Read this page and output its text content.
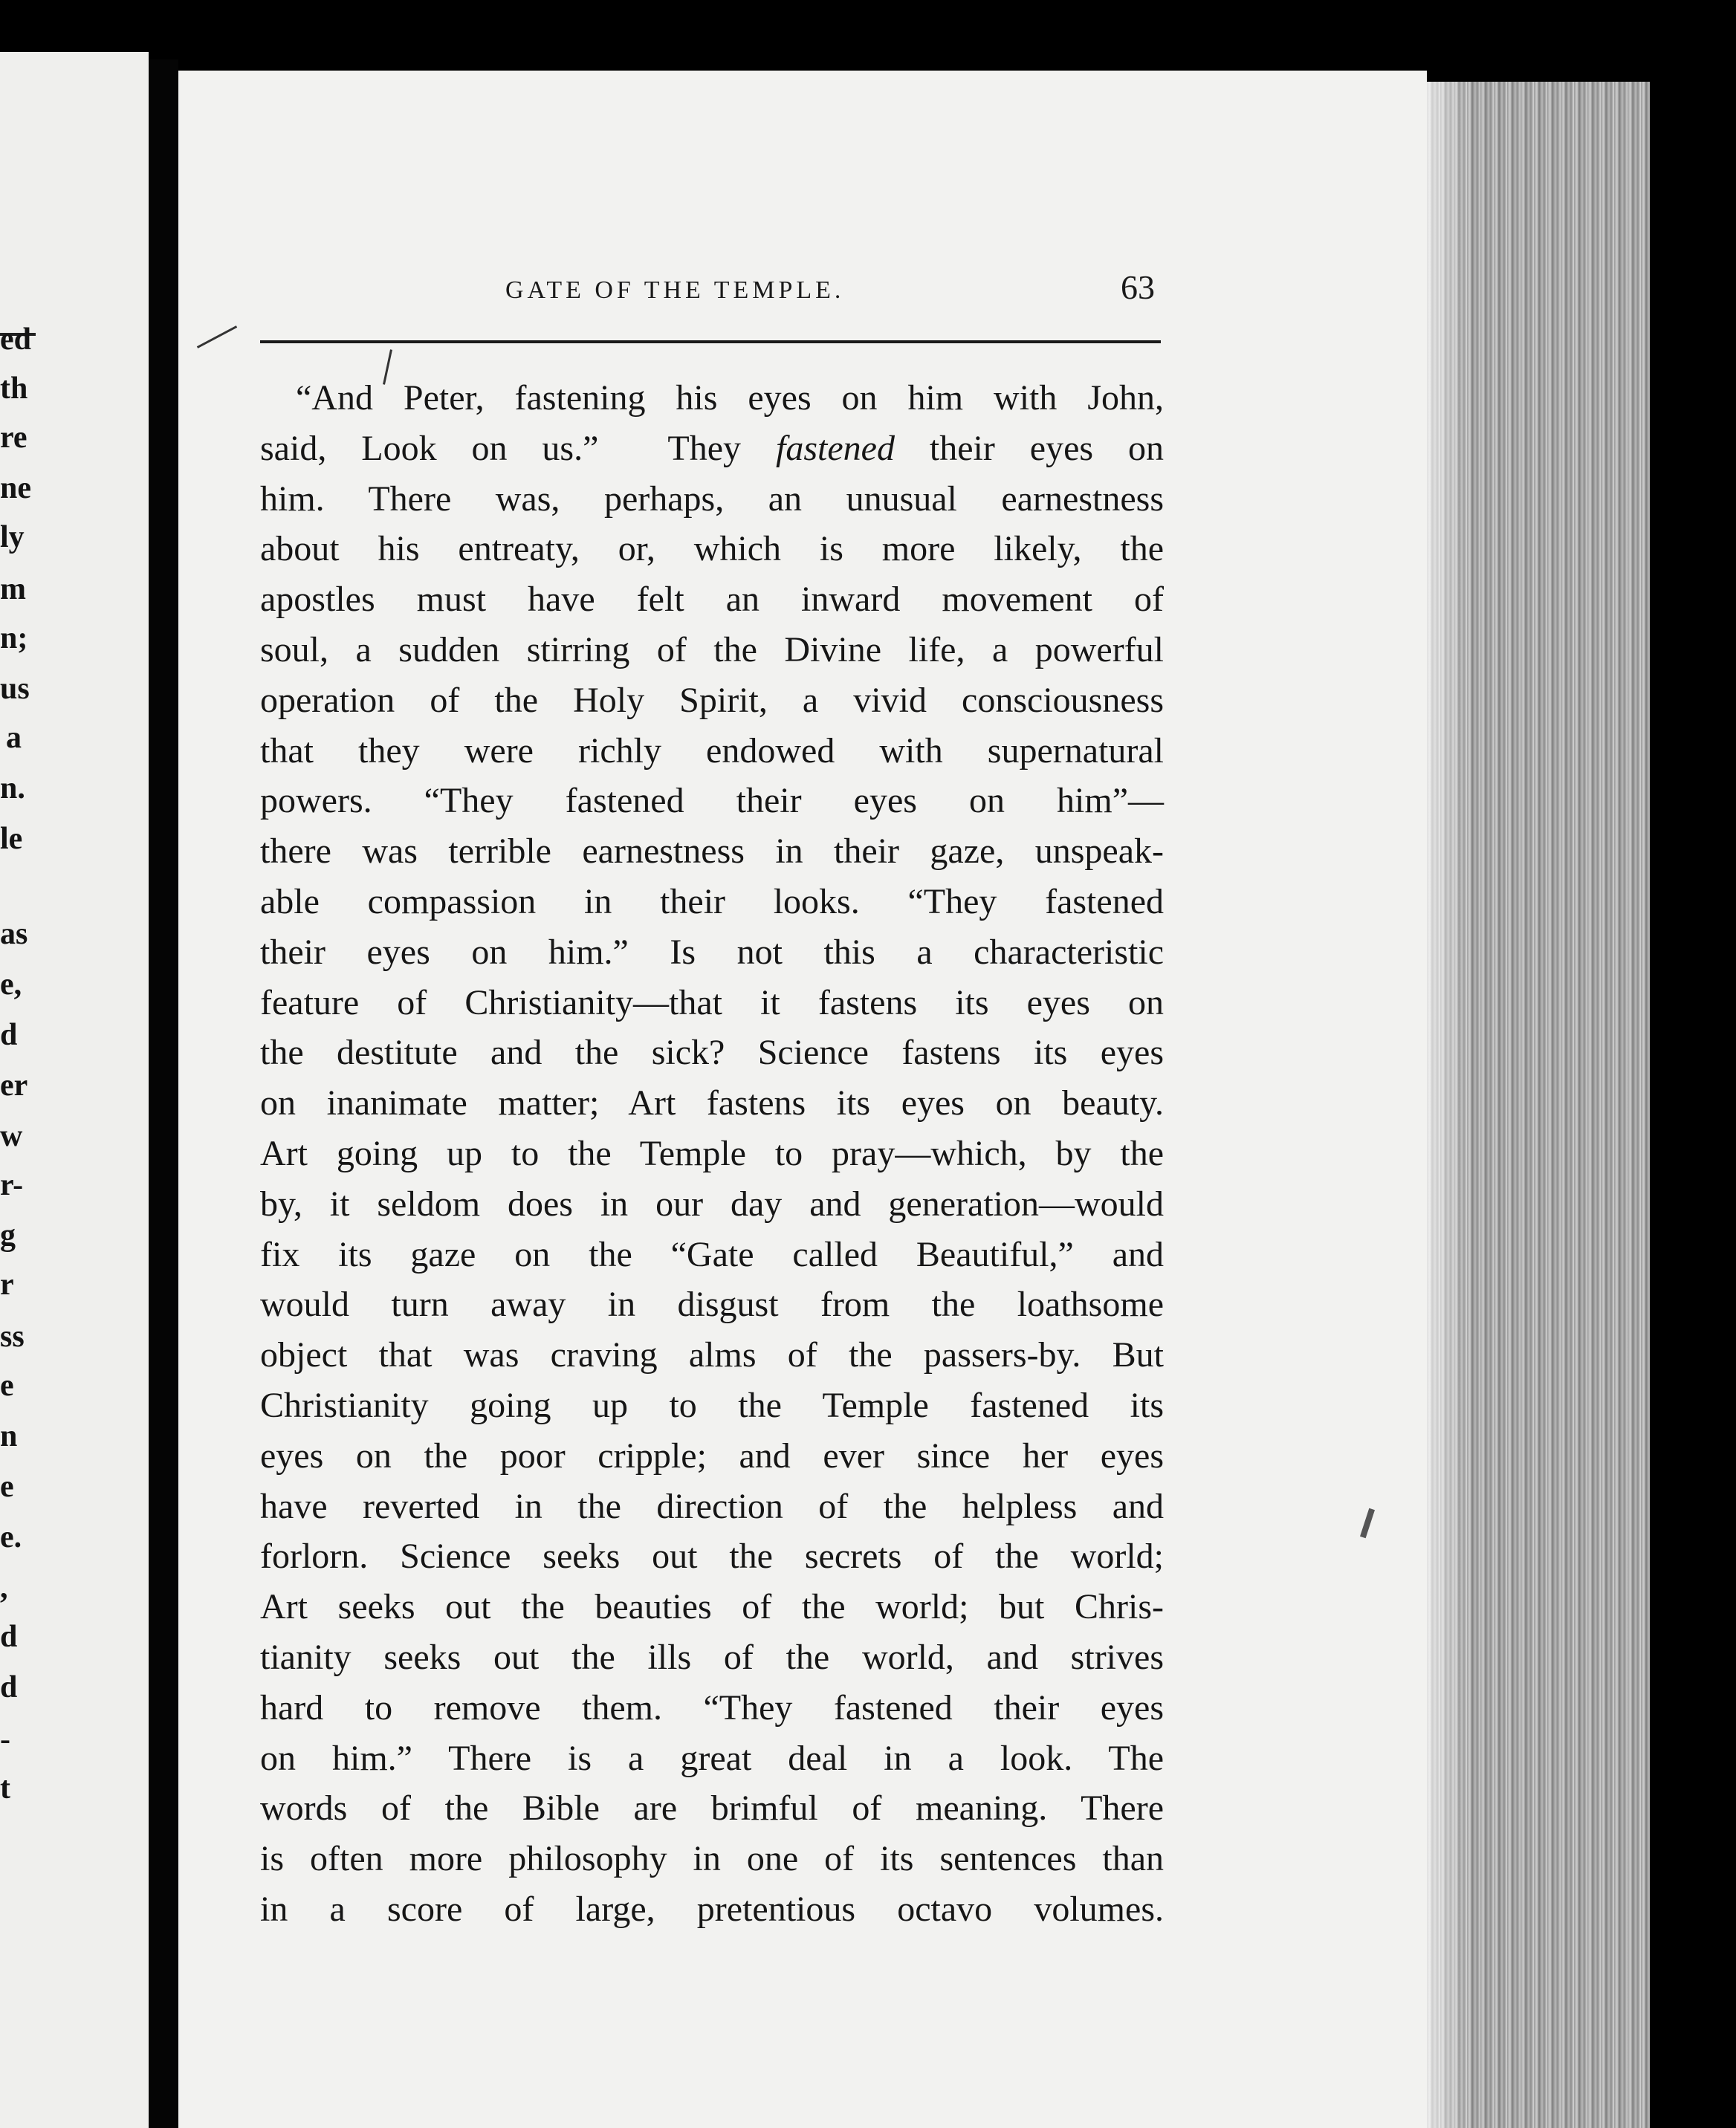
ed
th
re
ne
ly
m
n;
us
a
n.
le
as
e,
d
er
w
r-
g
r
ss
e
n
e
e.
,
d
d
-
t
GATE OF THE TEMPLE.	63
“And Peter, fastening his eyes on him with John,
said, Look on us.”  They fastened their eyes on
him. There was, perhaps, an unusual earnestness
about his entreaty, or, which is more likely, the
apostles must have felt an inward movement of
soul, a sudden stirring of the Divine life, a powerful
operation of the Holy Spirit, a vivid consciousness
that they were richly endowed with supernatural
powers. “They fastened their eyes on him”—
there was terrible earnestness in their gaze, unspeak-
able compassion in their looks. “They fastened
their eyes on him.” Is not this a characteristic
feature of Christianity—that it fastens its eyes on
the destitute and the sick? Science fastens its eyes
on inanimate matter; Art fastens its eyes on beauty.
Art going up to the Temple to pray—which, by the
by, it seldom does in our day and generation—would
fix its gaze on the “Gate called Beautiful,” and
would turn away in disgust from the loathsome
object that was craving alms of the passers-by. But
Christianity going up to the Temple fastened its
eyes on the poor cripple; and ever since her eyes
have reverted in the direction of the helpless and
forlorn. Science seeks out the secrets of the world;
Art seeks out the beauties of the world; but Chris-
tianity seeks out the ills of the world, and strives
hard to remove them. “They fastened their eyes
on him.” There is a great deal in a look. The
words of the Bible are brimful of meaning. There
is often more philosophy in one of its sentences than
in a score of large, pretentious octavo volumes.
